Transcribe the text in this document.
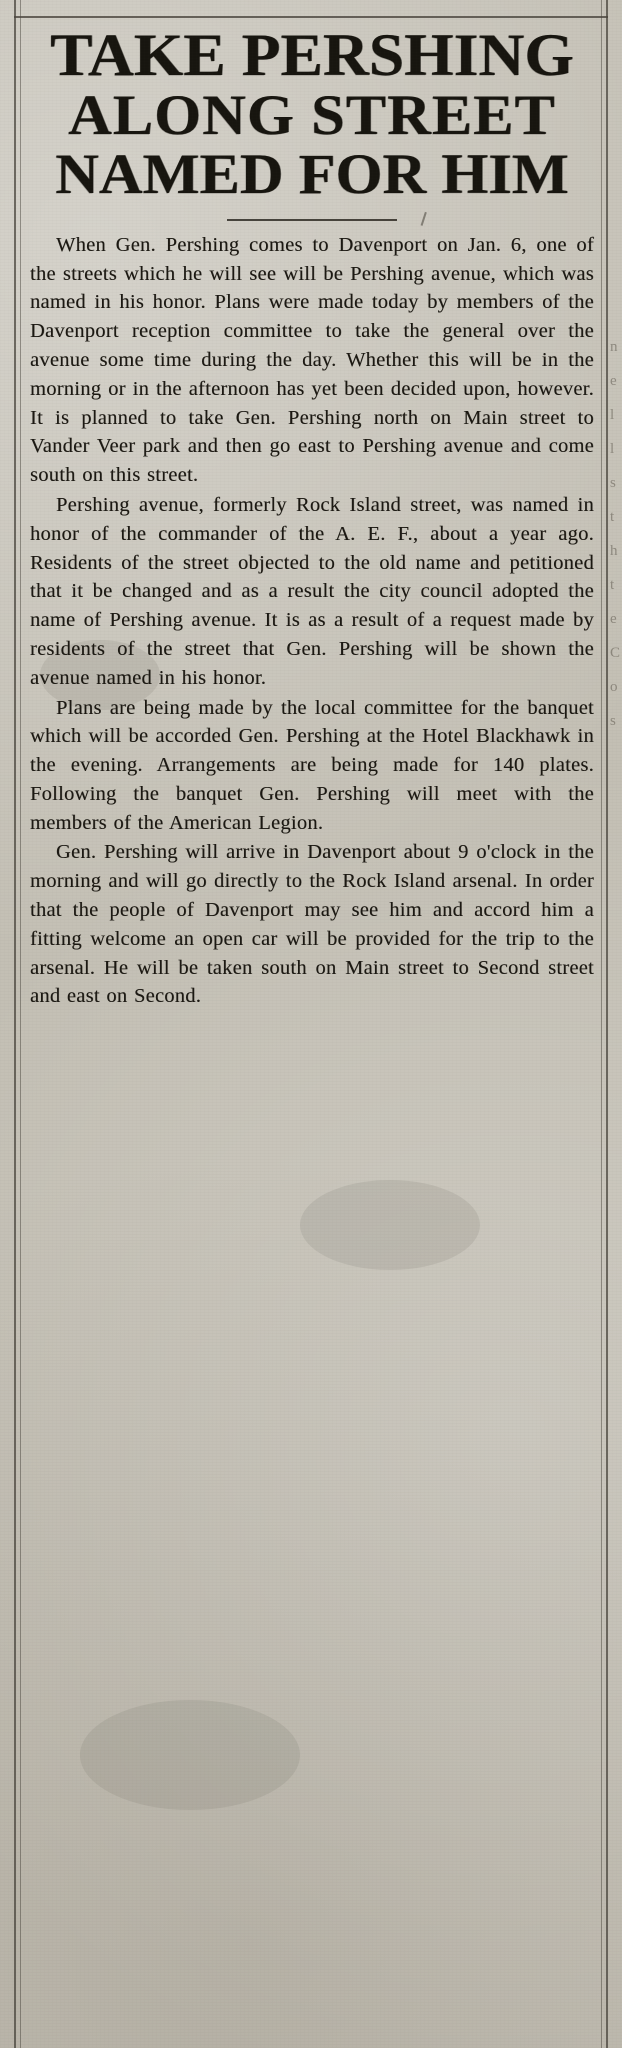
TAKE PERSHING
ALONG STREET
NAMED FOR HIM

When Gen. Pershing comes to Davenport on Jan. 6, one of the streets which he will see will be Pershing avenue, which was named in his honor. Plans were made today by members of the Davenport reception committee to take the general over the avenue some time during the day. Whether this will be in the morning or in the afternoon has yet been decided upon, however. It is planned to take Gen. Pershing north on Main street to Vander Veer park and then go east to Pershing avenue and come south on this street.

Pershing avenue, formerly Rock Island street, was named in honor of the commander of the A. E. F., about a year ago. Residents of the street objected to the old name and petitioned that it be changed and as a result the city council adopted the name of Pershing avenue. It is as a result of a request made by residents of the street that Gen. Pershing will be shown the avenue named in his honor.

Plans are being made by the local committee for the banquet which will be accorded Gen. Pershing at the Hotel Blackhawk in the evening. Arrangements are being made for 140 plates. Following the banquet Gen. Pershing will meet with the members of the American Legion.

Gen. Pershing will arrive in Davenport about 9 o'clock in the morning and will go directly to the Rock Island arsenal. In order that the people of Davenport may see him and accord him a fitting welcome an open car will be provided for the trip to the arsenal. He will be taken south on Main street to Second street and east on Second.

n e l l s t h t e C o s
